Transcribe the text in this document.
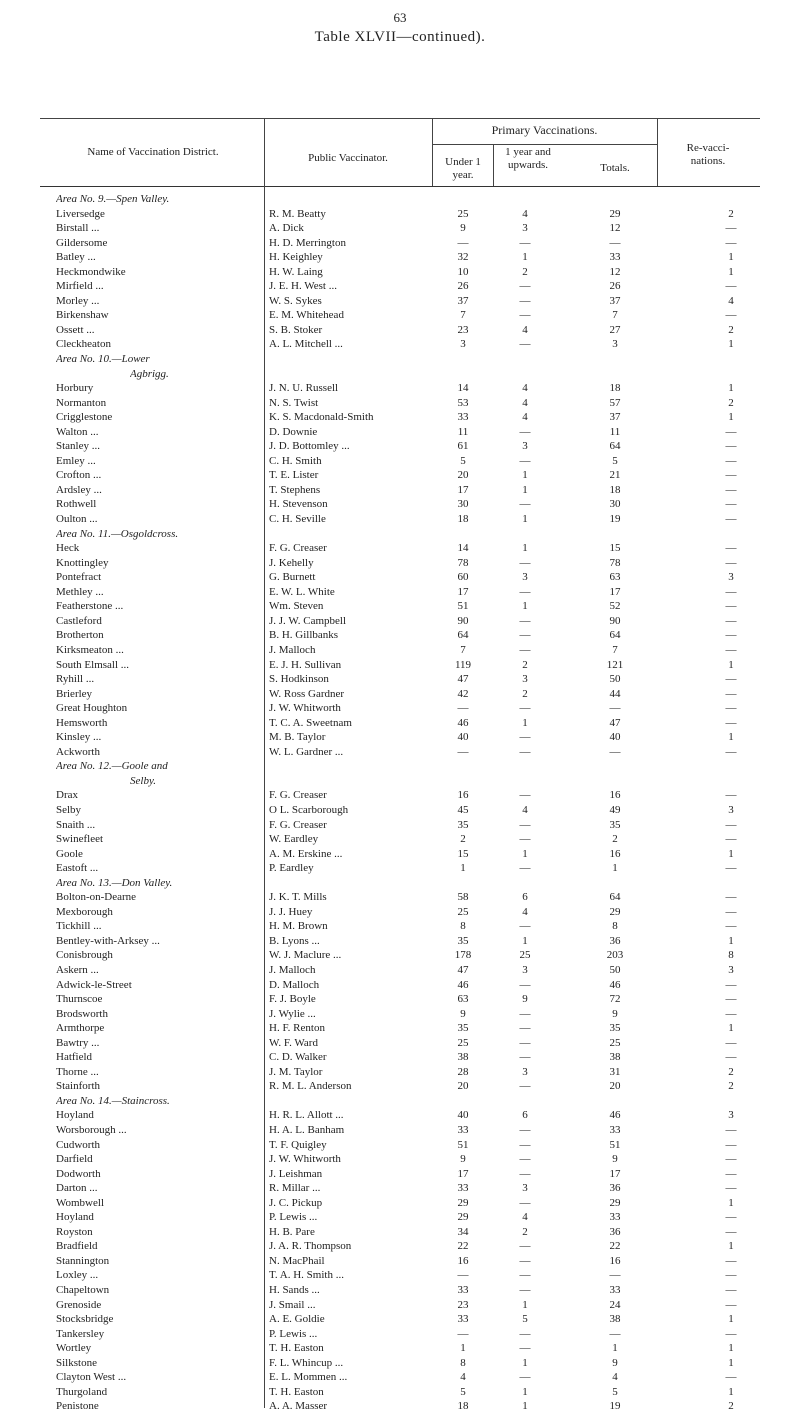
63
Table XLVII—continued).
Name of Vaccination District.	Public Vaccinator.
Primary Vaccinations.
Under 1 year.
1 year and upwards.	Totals.
Re-vacci-nations.
Area No. 9.—Spen Valley.
Liversedge	R. M. Beatty	25	4	29	2
Birstall ...	A. Dick	9	3	12	—
Gildersome	H. D. Merrington	—	—	—	—
Batley ...	H. Keighley	32	1	33	1
Heckmondwike	H. W. Laing	10	2	12	1
Mirfield ...	J. E. H. West ...	26	—	26	—
Morley ...	W. S. Sykes	37	—	37	4
Birkenshaw	E. M. Whitehead	7	—	7	—
Ossett ...	S. B. Stoker	23	4	27	2
Cleckheaton	A. L. Mitchell ...	3	—	3	1
Area No. 10.—Lower
Agbrigg.
Horbury	J. N. U. Russell	14	4	18	1
Normanton	N. S. Twist	53	4	57	2
Crigglestone	K. S. Macdonald-Smith	33	4	37	1
Walton ...	D. Downie	11	—	11	—
Stanley ...	J. D. Bottomley ...	61	3	64	—
Emley ...	C. H. Smith	5	—	5	—
Crofton ...	T. E. Lister	20	1	21	—
Ardsley ...	T. Stephens	17	1	18	—
Rothwell	H. Stevenson	30	—	30	—
Oulton ...	C. H. Seville	18	1	19	—
Area No. 11.—Osgoldcross.
Heck	F. G. Creaser	14	1	15	—
Knottingley	J. Kehelly	78	—	78	—
Pontefract	G. Burnett	60	3	63	3
Methley ...	E. W. L. White	17	—	17	—
Featherstone ...	Wm. Steven	51	1	52	—
Castleford	J. J. W. Campbell	90	—	90	—
Brotherton	B. H. Gillbanks	64	—	64	—
Kirksmeaton ...	J. Malloch	7	—	7	—
South Elmsall ...	E. J. H. Sullivan	119	2	121	1
Ryhill ...	S. Hodkinson	47	3	50	—
Brierley	W. Ross Gardner	42	2	44	—
Great Houghton	J. W. Whitworth	—	—	—	—
Hemsworth	T. C. A. Sweetnam	46	1	47	—
Kinsley ...	M. B. Taylor	40	—	40	1
Ackworth	W. L. Gardner ...	—	—	—	—
Area No. 12.—Goole and
Selby.
Drax	F. G. Creaser	16	—	16	—
Selby	O L. Scarborough	45	4	49	3
Snaith ...	F. G. Creaser	35	—	35	—
Swinefleet	W. Eardley	2	—	2	—
Goole	A. M. Erskine ...	15	1	16	1
Eastoft ...	P. Eardley	1	—	1	—
Area No. 13.—Don Valley.
Bolton-on-Dearne	J. K. T. Mills	58	6	64	—
Mexborough	J. J. Huey	25	4	29	—
Tickhill ...	H. M. Brown	8	—	8	—
Bentley-with-Arksey ...	B. Lyons ...	35	1	36	1
Conisbrough	W. J. Maclure ...	178	25	203	8
Askern ...	J. Malloch	47	3	50	3
Adwick-le-Street	D. Malloch	46	—	46	—
Thurnscoe	F. J. Boyle	63	9	72	—
Brodsworth	J. Wylie ...	9	—	9	—
Armthorpe	H. F. Renton	35	—	35	1
Bawtry ...	W. F. Ward	25	—	25	—
Hatfield	C. D. Walker	38	—	38	—
Thorne ...	J. M. Taylor	28	3	31	2
Stainforth	R. M. L. Anderson	20	—	20	2
Area No. 14.—Staincross.
Hoyland	H. R. L. Allott ...	40	6	46	3
Worsborough ...	H. A. L. Banham	33	—	33	—
Cudworth	T. F. Quigley	51	—	51	—
Darfield	J. W. Whitworth	9	—	9	—
Dodworth	J. Leishman	17	—	17	—
Darton ...	R. Millar ...	33	3	36	—
Wombwell	J. C. Pickup	29	—	29	1
Hoyland	P. Lewis ...	29	4	33	—
Royston	H. B. Pare	34	2	36	—
Bradfield	J. A. R. Thompson	22	—	22	1
Stannington	N. MacPhail	16	—	16	—
Loxley ...	T. A. H. Smith ...	—	—	—	—
Chapeltown	H. Sands ...	33	—	33	—
Grenoside	J. Smail ...	23	1	24	—
Stocksbridge	A. E. Goldie	33	5	38	1
Tankersley	P. Lewis ...	—	—	—	—
Wortley	T. H. Easton	1	—	1	1
Silkstone	F. L. Whincup ...	8	1	9	1
Clayton West ...	E. L. Mommen ...	4	—	4	—
Thurgoland	T. H. Easton	5	1	5	1
Penistone	A. A. Masser	18	1	19	2
